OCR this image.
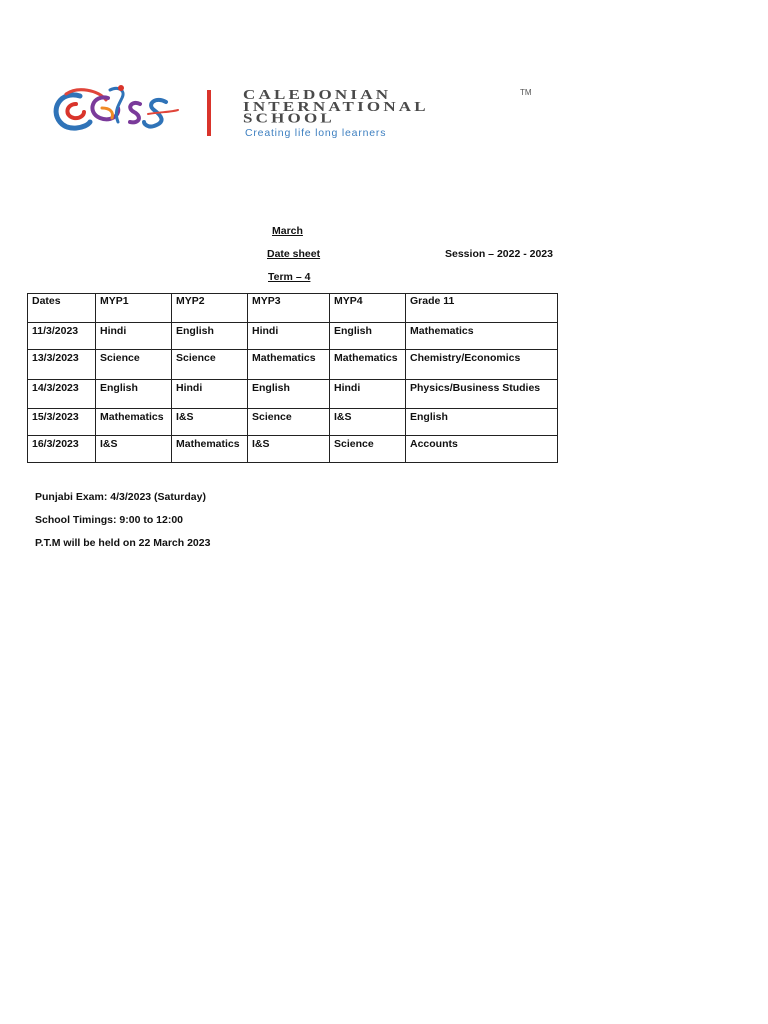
CALEDONIAN
INTERNATIONAL
SCHOOL
TM
Creating life long learners
March
Date sheet	Session – 2022 - 2023
Term – 4
Dates	MYP1	MYP2	MYP3	MYP4	Grade 11
11/3/2023	Hindi	English	Hindi	English	Mathematics
13/3/2023	Science	Science	Mathematics	Mathematics	Chemistry/Economics
14/3/2023	English	Hindi	English	Hindi	Physics/Business Studies
15/3/2023	Mathematics	I&S	Science	I&S	English
16/3/2023	I&S	Mathematics	I&S	Science	Accounts
Punjabi Exam: 4/3/2023 (Saturday)
School Timings: 9:00 to 12:00
P.T.M will be held on 22 March 2023
